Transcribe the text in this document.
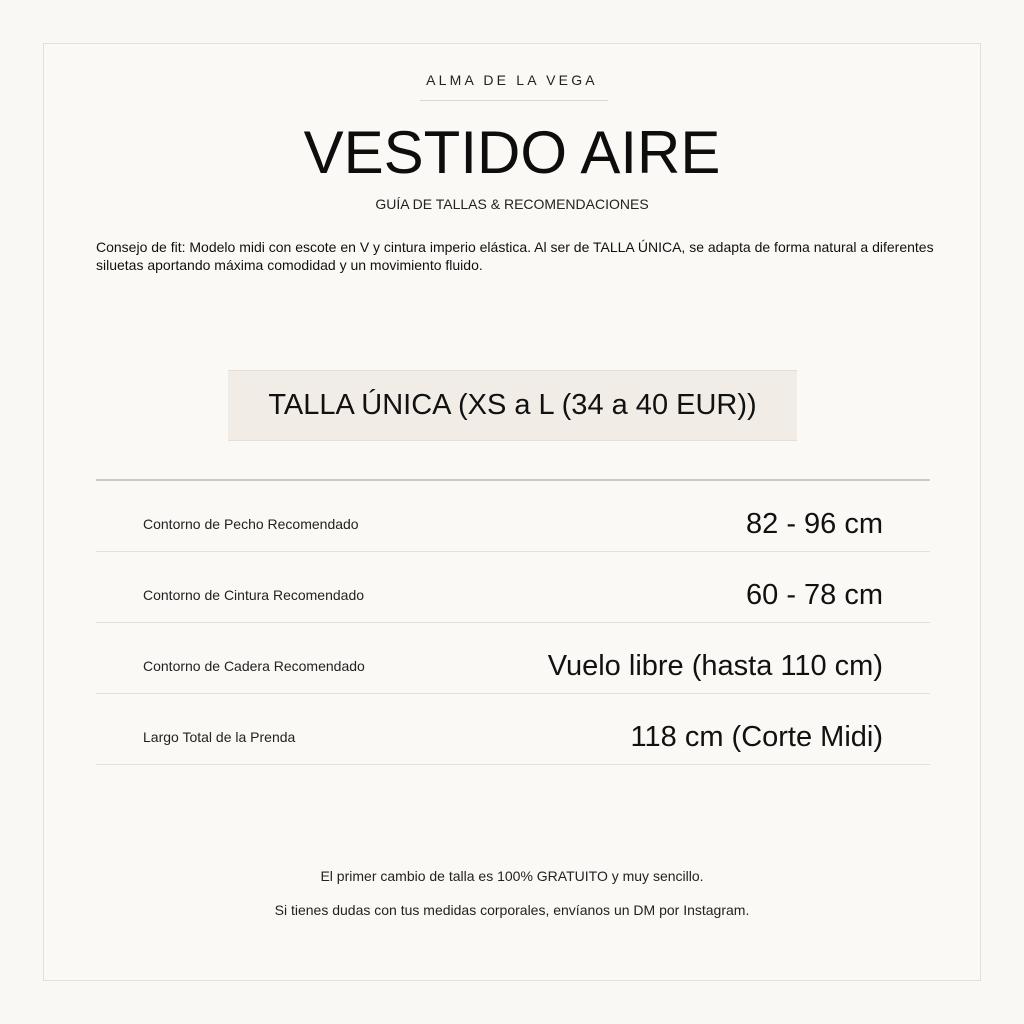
ALMA DE LA VEGA
VESTIDO AIRE
GUÍA DE TALLAS & RECOMENDACIONES
Consejo de fit: Modelo midi con escote en V y cintura imperio elástica. Al ser de TALLA ÚNICA, se adapta de forma natural a diferentes siluetas aportando máxima comodidad y un movimiento fluido.
TALLA ÚNICA (XS a L (34 a 40 EUR))
Contorno de Pecho Recomendado	82 - 96 cm
Contorno de Cintura Recomendado	60 - 78 cm
Contorno de Cadera Recomendado	Vuelo libre (hasta 110 cm)
Largo Total de la Prenda	118 cm (Corte Midi)
El primer cambio de talla es 100% GRATUITO y muy sencillo.
Si tienes dudas con tus medidas corporales, envíanos un DM por Instagram.
